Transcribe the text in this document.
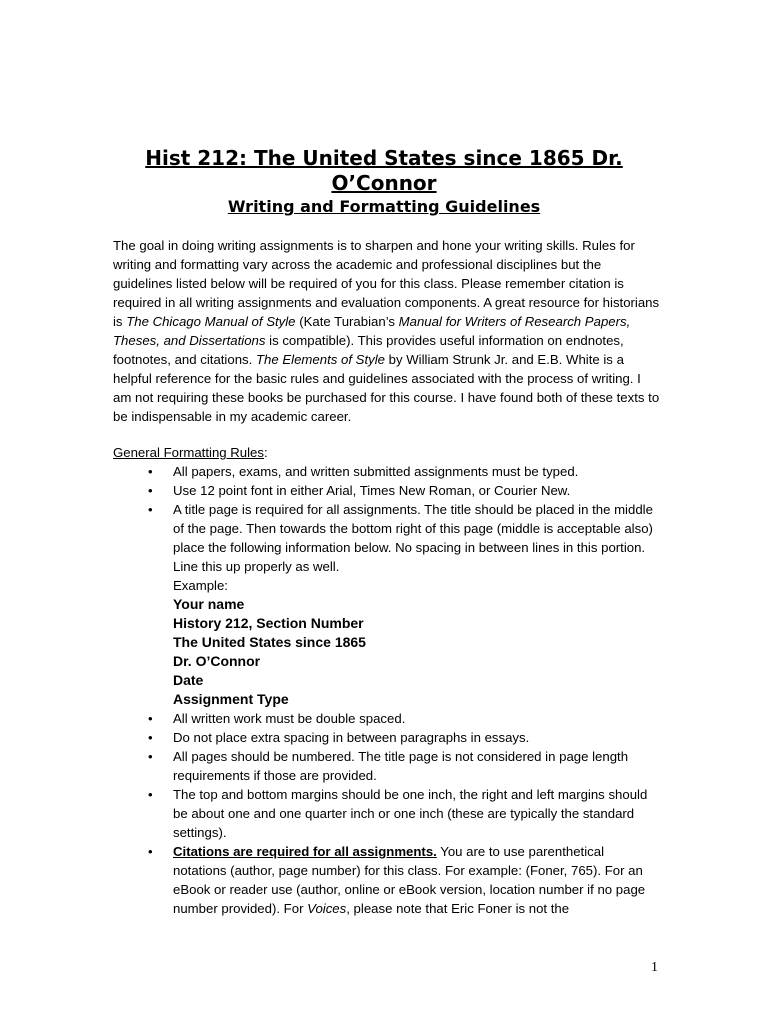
Hist 212: The United States since 1865 Dr. O’Connor
Writing and Formatting Guidelines

The goal in doing writing assignments is to sharpen and hone your writing skills. Rules for writing and formatting vary across the academic and professional disciplines but the guidelines listed below will be required of you for this class. Please remember citation is required in all writing assignments and evaluation components. A great resource for historians is The Chicago Manual of Style (Kate Turabian’s Manual for Writers of Research Papers, Theses, and Dissertations is compatible). This provides useful information on endnotes, footnotes, and citations. The Elements of Style by William Strunk Jr. and E.B. White is a helpful reference for the basic rules and guidelines associated with the process of writing. I am not requiring these books be purchased for this course. I have found both of these texts to be indispensable in my academic career.

General Formatting Rules:

• All papers, exams, and written submitted assignments must be typed.
• Use 12 point font in either Arial, Times New Roman, or Courier New.
• A title page is required for all assignments. The title should be placed in the middle of the page. Then towards the bottom right of this page (middle is acceptable also) place the following information below. No spacing in between lines in this portion. Line this up properly as well.
Example:
Your name
History 212, Section Number
The United States since 1865
Dr. O’Connor
Date
Assignment Type
• All written work must be double spaced.
• Do not place extra spacing in between paragraphs in essays.
• All pages should be numbered. The title page is not considered in page length requirements if those are provided.
• The top and bottom margins should be one inch, the right and left margins should be about one and one quarter inch or one inch (these are typically the standard settings).
• Citations are required for all assignments. You are to use parenthetical notations (author, page number) for this class. For example: (Foner, 765). For an eBook or reader use (author, online or eBook version, location number if no page number provided). For Voices, please note that Eric Foner is not the
1
